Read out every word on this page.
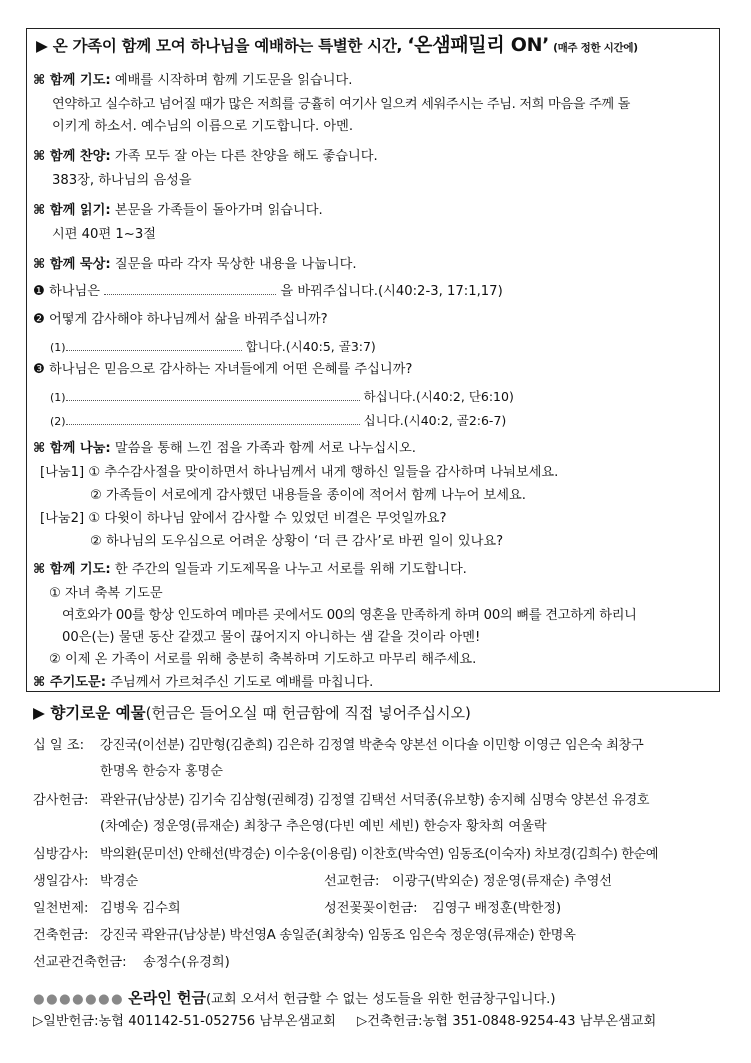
▶ 온 가족이 함께 모여 하나님을 예배하는 특별한 시간, ‘온샘패밀리 ON’ (매주 정한 시간에)
⌘ 함께 기도: 예배를 시작하며 함께 기도문을 읽습니다.
연약하고 실수하고 넘어질 때가 많은 저희를 긍휼히 여기사 일으켜 세워주시는 주님. 저희 마음을 주께 돌
이키게 하소서. 예수님의 이름으로 기도합니다. 아멘.
⌘ 함께 찬양: 가족 모두 잘 아는 다른 찬양을 해도 좋습니다.
383장, 하나님의 음성을
⌘ 함께 읽기: 본문을 가족들이 돌아가며 읽습니다.
시편 40편 1~3절
⌘ 함께 묵상: 질문을 따라 각자 묵상한 내용을 나눕니다.
❶ 하나님은	을 바꿔주십니다.(시40:2-3, 17:1,17)
❷ 어떻게 감사해야 하나님께서 삶을 바꿔주십니까?
(1)	합니다.(시40:5, 골3:7)
❸ 하나님은 믿음으로 감사하는 자녀들에게 어떤 은혜를 주십니까?
(1)	하십니다.(시40:2, 단6:10)
(2)	십니다.(시40:2, 골2:6-7)
⌘ 함께 나눔: 말씀을 통해 느낀 점을 가족과 함께 서로 나누십시오.
[나눔1] ① 추수감사절을 맞이하면서 하나님께서 내게 행하신 일들을 감사하며 나눠보세요.
② 가족들이 서로에게 감사했던 내용들을 종이에 적어서 함께 나누어 보세요.
[나눔2] ① 다윗이 하나님 앞에서 감사할 수 있었던 비결은 무엇일까요?
② 하나님의 도우심으로 어려운 상황이 ‘더 큰 감사’로 바뀐 일이 있나요?
⌘ 함께 기도: 한 주간의 일들과 기도제목을 나누고 서로를 위해 기도합니다.
① 자녀 축복 기도문
여호와가 00를 항상 인도하여 메마른 곳에서도 00의 영혼을 만족하게 하며 00의 뼈를 견고하게 하리니
00은(는) 물댄 동산 같겠고 물이 끊어지지 아니하는 샘 같을 것이라 아멘!
② 이제 온 가족이 서로를 위해 충분히 축복하며 기도하고 마무리 해주세요.
⌘ 주기도문: 주님께서 가르쳐주신 기도로 예배를 마칩니다.
▶ 향기로운 예물(헌금은 들어오실 때 헌금함에 직접 넣어주십시오)
십 일 조: 강진국(이선분) 김만형(김춘희) 김은하 김정열 박춘숙 양본선 이다솔 이민항 이영근 임은숙 최창구
한명옥 한승자 홍명순
감사헌금: 곽완규(남상분) 김기숙 김삼형(권혜경) 김정열 김택선 서덕종(유보향) 송지혜 심명숙 양본선 유경호
(차예순) 정운영(류재순) 최창구 추은영(다빈 예빈 세빈) 한승자 황차희 여울락
심방감사: 박의환(문미선) 안해선(박경순) 이수웅(이용림) 이찬호(박숙연) 임동조(이숙자) 차보경(김희수) 한순예
생일감사: 박경순	선교헌금: 이광구(박외순) 정운영(류재순) 추영선
일천번제: 김병욱 김수희	성전꽃꽂이헌금: 김영구 배정훈(박한정)
건축헌금: 강진국 곽완규(남상분) 박선영A 송일준(최창숙) 임동조 임은숙 정운영(류재순) 한명옥
선교관건축헌금: 송정수(유경희)
●●●●●●● 온라인 헌금(교회 오셔서 헌금할 수 없는 성도들을 위한 헌금창구입니다.)
▷일반헌금:농협 401142-51-052756 남부온샘교회 ▷건축헌금:농협 351-0848-9254-43 남부온샘교회
